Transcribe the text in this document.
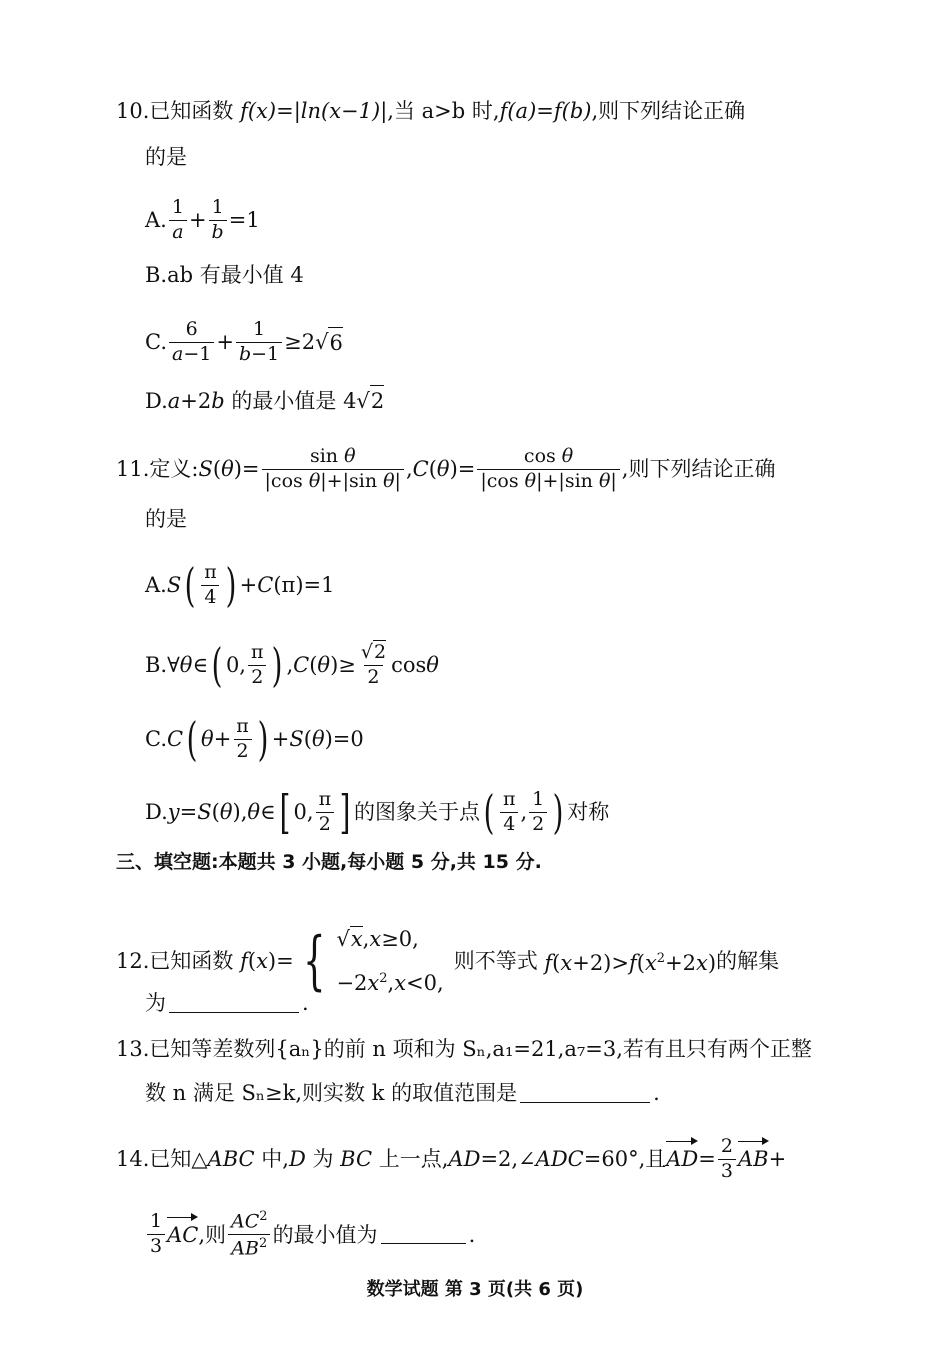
10.已知函数
f(x)=|ln(x−1)| , 当 a>b 时 , f(a)=f(b) , 则下列结论正确
的是
A. $\frac{1}{a} + \frac{1}{b} =1$
B.ab 有最小值 4
C. $\frac{6}{a-1} + \frac{1}{b-1} \ge 2√$ 6
D. a +2 b 的最小值是 4√ 2
11.定义 : S ( θ )= $\frac{\text{sin θ}}{\text{|cos θ|+|sin θ|}}$ , C ( θ )= $\frac{\text{cos θ}}{\text{|cos θ|+|sin θ|}}$ , 则下列结论正确
的是
A. S ( $\frac{\pi}{4}$ ) + C (π)=1
B.∀ θ ∈ ( 0, $\frac{\pi}{2}$ ) , C ( θ )≥ $\frac{√2}{2}$ cos θ
C. C ( $\theta + \frac{\pi}{2}$ ) + S ( θ )=0
D. y = S ( θ ), θ ∈ [ 0, $\frac{\pi}{2}$ ] 的图象关于点 ( $\frac{\pi}{4}$ , $\frac{1}{2}$ ) 对称
三、填空题:本题共 3 小题,每小题 5 分,共 15 分.
12.已知函数
f ( x )= { √x,x≥0,
$-2x^2,x<0$,
则不等式
$f(x+2)>f(x^2+2x)$ 的解集
为	.
13.已知等差数列{aₙ}的前 n 项和为 Sₙ,a₁=21,a₇=3,若有且只有两个正整
数 n 满足 Sₙ≥k,则实数 k 的取值范围是	.
14.已知△ ABC 中, D 为 BC 上一点, AD =2,∠ ADC =60°,且 AD = $\frac{2}{3}$ AB +
$\frac{1}{3}$ AC ,则 $\frac{AC^2}{AB^2}$ 的最小值为	.
数学试题 第 3 页(共 6 页)
